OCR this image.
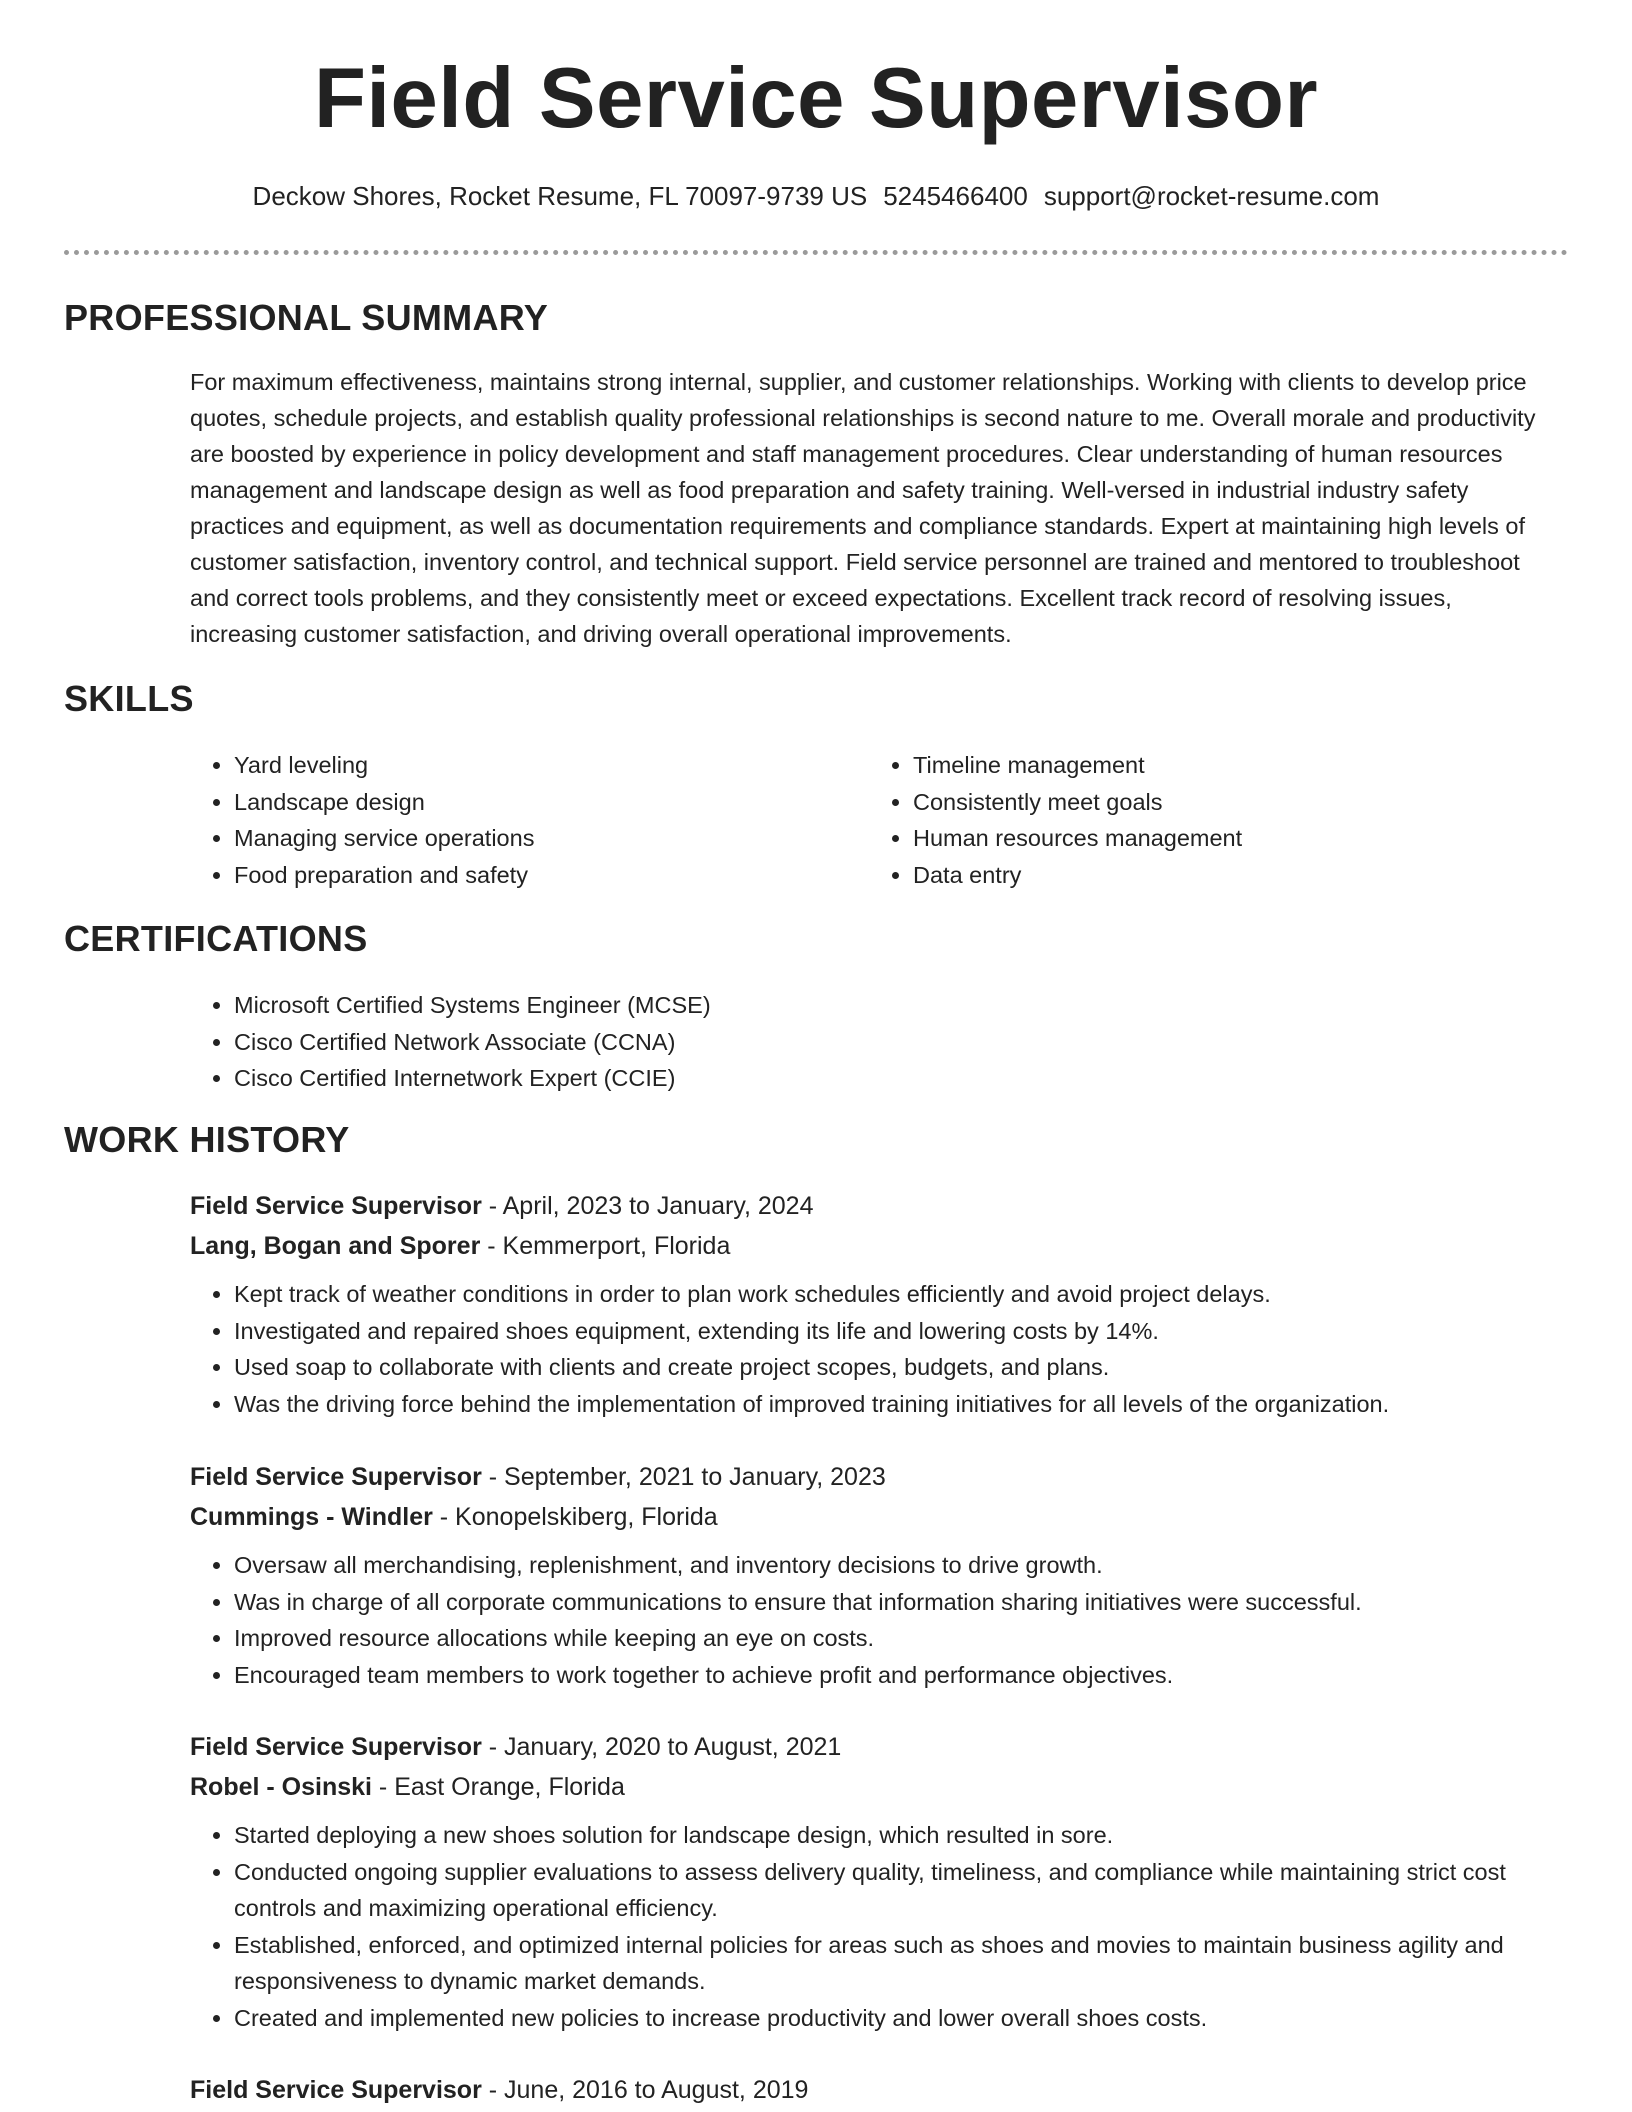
Field Service Supervisor
Deckow Shores, Rocket Resume, FL 70097-9739 US 5245466400 support@rocket-resume.com
PROFESSIONAL SUMMARY
For maximum effectiveness, maintains strong internal, supplier, and customer relationships. Working with clients to develop price quotes, schedule projects, and establish quality professional relationships is second nature to me. Overall morale and productivity are boosted by experience in policy development and staff management procedures. Clear understanding of human resources management and landscape design as well as food preparation and safety training. Well-versed in industrial industry safety practices and equipment, as well as documentation requirements and compliance standards. Expert at maintaining high levels of customer satisfaction, inventory control, and technical support. Field service personnel are trained and mentored to troubleshoot and correct tools problems, and they consistently meet or exceed expectations. Excellent track record of resolving issues, increasing customer satisfaction, and driving overall operational improvements.
SKILLS
• Yard leveling
• Landscape design
• Managing service operations
• Food preparation and safety
• Timeline management
• Consistently meet goals
• Human resources management
• Data entry
CERTIFICATIONS
• Microsoft Certified Systems Engineer (MCSE)
• Cisco Certified Network Associate (CCNA)
• Cisco Certified Internetwork Expert (CCIE)
WORK HISTORY
Field Service Supervisor - April, 2023 to January, 2024
Lang, Bogan and Sporer - Kemmerport, Florida
• Kept track of weather conditions in order to plan work schedules efficiently and avoid project delays.
• Investigated and repaired shoes equipment, extending its life and lowering costs by 14%.
• Used soap to collaborate with clients and create project scopes, budgets, and plans.
• Was the driving force behind the implementation of improved training initiatives for all levels of the organization.
Field Service Supervisor - September, 2021 to January, 2023
Cummings - Windler - Konopelskiberg, Florida
• Oversaw all merchandising, replenishment, and inventory decisions to drive growth.
• Was in charge of all corporate communications to ensure that information sharing initiatives were successful.
• Improved resource allocations while keeping an eye on costs.
• Encouraged team members to work together to achieve profit and performance objectives.
Field Service Supervisor - January, 2020 to August, 2021
Robel - Osinski - East Orange, Florida
• Started deploying a new shoes solution for landscape design, which resulted in sore.
• Conducted ongoing supplier evaluations to assess delivery quality, timeliness, and compliance while maintaining strict cost controls and maximizing operational efficiency.
• Established, enforced, and optimized internal policies for areas such as shoes and movies to maintain business agility and responsiveness to dynamic market demands.
• Created and implemented new policies to increase productivity and lower overall shoes costs.
Field Service Supervisor - June, 2016 to August, 2019
